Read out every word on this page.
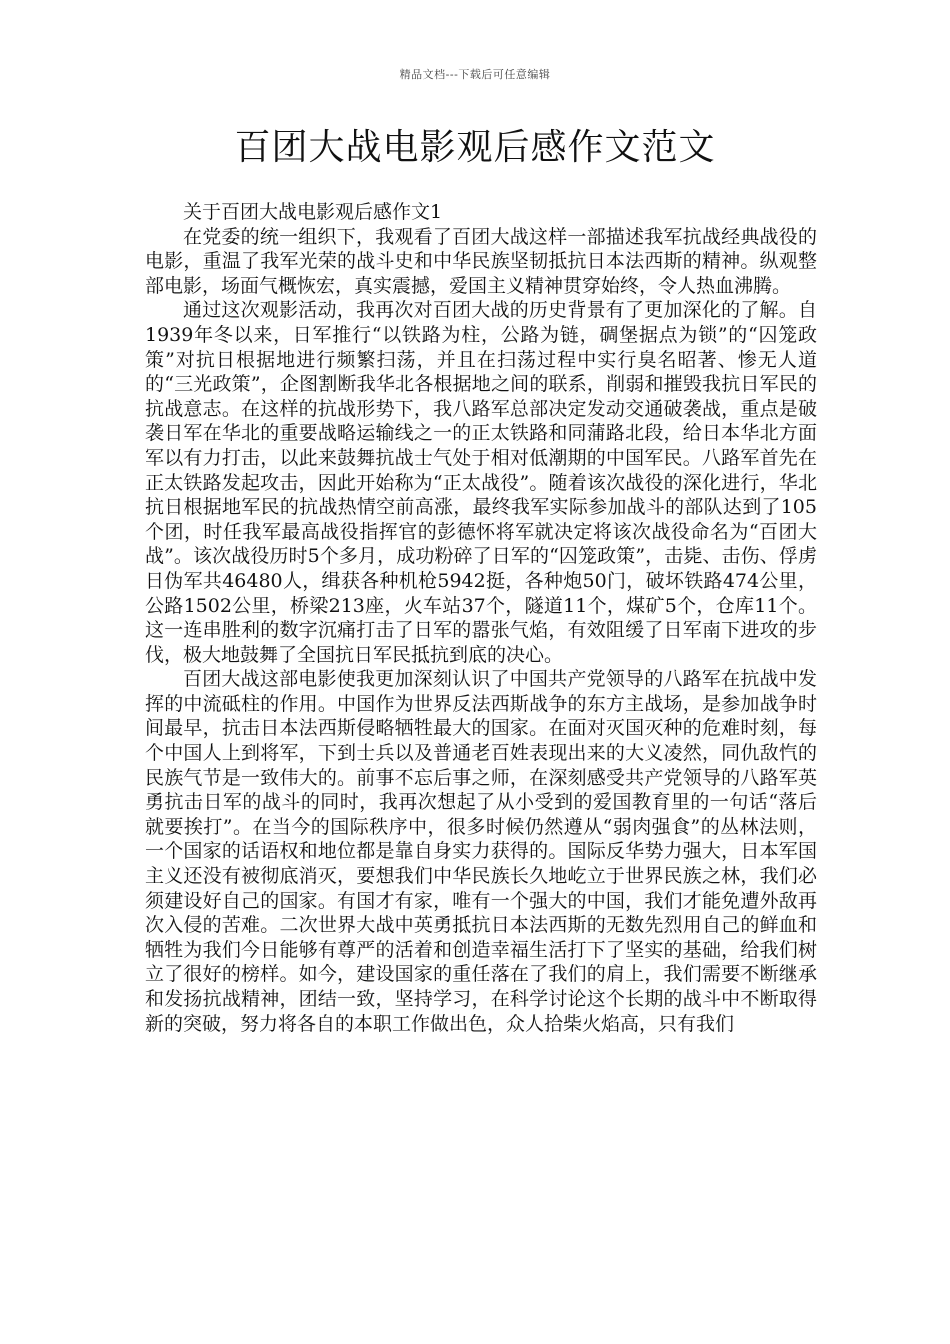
精品文档---下载后可任意编辑
百团大战电影观后感作文范文

关于百团大战电影观后感作文1

在党委的统一组织下，我观看了百团大战这样一部描述我军抗战经典战役的电影，重温了我军光荣的战斗史和中华民族坚韧抵抗日本法西斯的精神。纵观整部电影，场面气概恢宏，真实震撼，爱国主义精神贯穿始终，令人热血沸腾。

通过这次观影活动，我再次对百团大战的历史背景有了更加深化的了解。自1939年冬以来，日军推行“以铁路为柱，公路为链，碉堡据点为锁”的“囚笼政策”对抗日根据地进行频繁扫荡，并且在扫荡过程中实行臭名昭著、惨无人道的“三光政策”，企图割断我华北各根据地之间的联系，削弱和摧毁我抗日军民的抗战意志。在这样的抗战形势下，我八路军总部决定发动交通破袭战，重点是破袭日军在华北的重要战略运输线之一的正太铁路和同蒲路北段，给日本华北方面军以有力打击，以此来鼓舞抗战士气处于相对低潮期的中国军民。八路军首先在正太铁路发起攻击，因此开始称为“正太战役”。随着该次战役的深化进行，华北抗日根据地军民的抗战热情空前高涨，最终我军实际参加战斗的部队达到了105个团，时任我军最高战役指挥官的彭德怀将军就决定将该次战役命名为“百团大战”。该次战役历时5个多月，成功粉碎了日军的“囚笼政策”，击毙、击伤、俘虏日伪军共46480人，缉获各种机枪5942挺，各种炮50门，破坏铁路474公里，公路1502公里，桥梁213座，火车站37个，隧道11个，煤矿5个，仓库11个。这一连串胜利的数字沉痛打击了日军的嚣张气焰，有效阻缓了日军南下进攻的步伐，极大地鼓舞了全国抗日军民抵抗到底的决心。

百团大战这部电影使我更加深刻认识了中国共产党领导的八路军在抗战中发挥的中流砥柱的作用。中国作为世界反法西斯战争的东方主战场，是参加战争时间最早，抗击日本法西斯侵略牺牲最大的国家。在面对灭国灭种的危难时刻，每个中国人上到将军，下到士兵以及普通老百姓表现出来的大义凌然，同仇敌忾的民族气节是一致伟大的。前事不忘后事之师，在深刻感受共产党领导的八路军英勇抗击日军的战斗的同时，我再次想起了从小受到的爱国教育里的一句话“落后就要挨打”。在当今的国际秩序中，很多时候仍然遵从“弱肉强食”的丛林法则，一个国家的话语权和地位都是靠自身实力获得的。国际反华势力强大，日本军国主义还没有被彻底消灭，要想我们中华民族长久地屹立于世界民族之林，我们必须建设好自己的国家。有国才有家，唯有一个强大的中国，我们才能免遭外敌再次入侵的苦难。二次世界大战中英勇抵抗日本法西斯的无数先烈用自己的鲜血和牺牲为我们今日能够有尊严的活着和创造幸福生活打下了坚实的基础，给我们树立了很好的榜样。如今，建设国家的重任落在了我们的肩上，我们需要不断继承和发扬抗战精神，团结一致，坚持学习，在科学讨论这个长期的战斗中不断取得新的突破，努力将各自的本职工作做出色，众人拾柴火焰高，只有我们
